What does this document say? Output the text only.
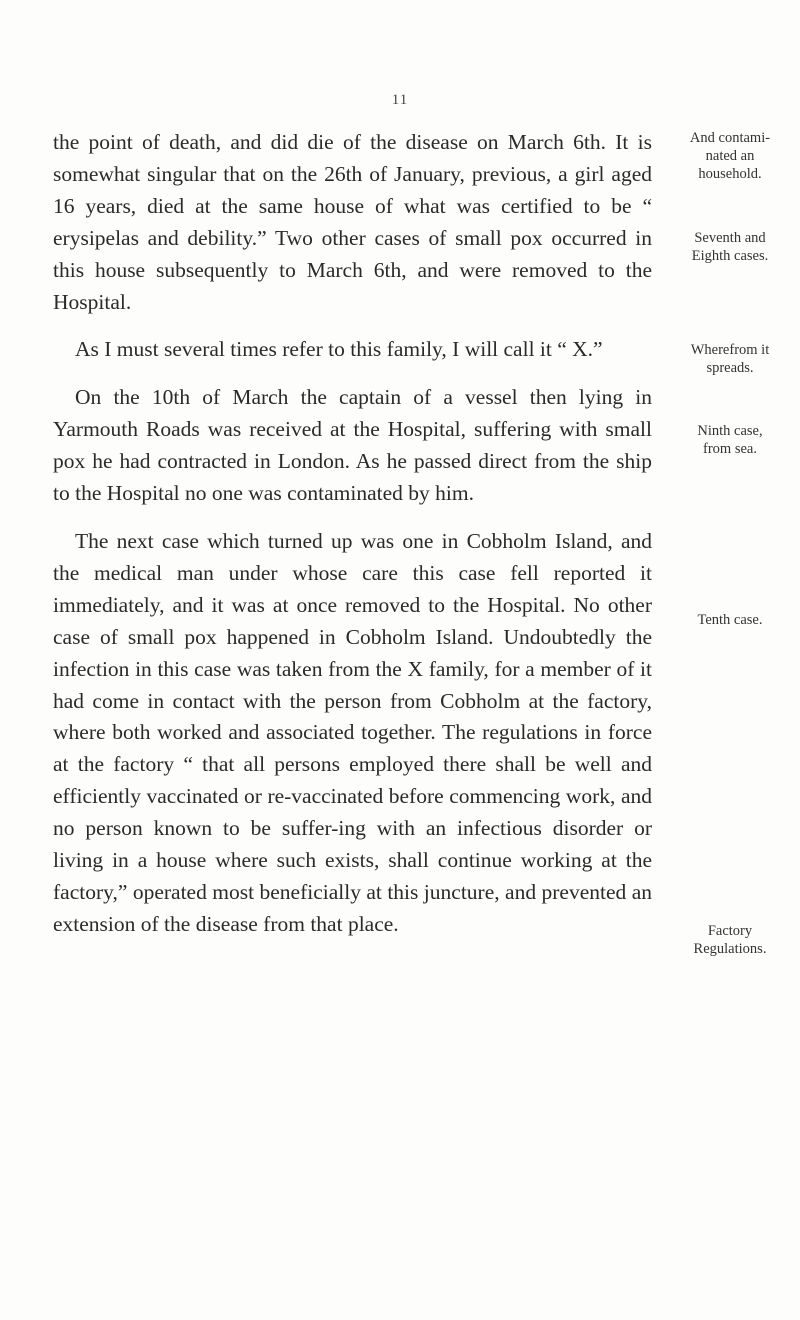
11

the point of death, and did die of the disease on March 6th. It is somewhat singular that on the 26th of January, previous, a girl aged 16 years, died at the same house of what was certified to be “ erysipelas and debility.” Two other cases of small pox occurred in this house subsequently to March 6th, and were removed to the Hospital.

As I must several times refer to this family, I will call it “ X.”

On the 10th of March the captain of a vessel then lying in Yarmouth Roads was received at the Hospital, suffering with small pox he had contracted in London. As he passed direct from the ship to the Hospital no one was contaminated by him.

The next case which turned up was one in Cobholm Island, and the medical man under whose care this case fell reported it immediately, and it was at once removed to the Hospital. No other case of small pox happened in Cobholm Island. Undoubtedly the infection in this case was taken from the X family, for a member of it had come in contact with the person from Cobholm at the factory, where both worked and associated together. The regulations in force at the factory “ that all persons employed there shall be well and efficiently vaccinated or re-vaccinated before commencing work, and no person known to be suffer-ing with an infectious disorder or living in a house where such exists, shall continue working at the factory,” operated most beneficially at this juncture, and prevented an extension of the disease from that place.

And contami-
nated an
household.
Seventh and
Eighth cases.
Wherefrom it
spreads.
Ninth case,
from sea.
Tenth case.
Factory
Regulations.
